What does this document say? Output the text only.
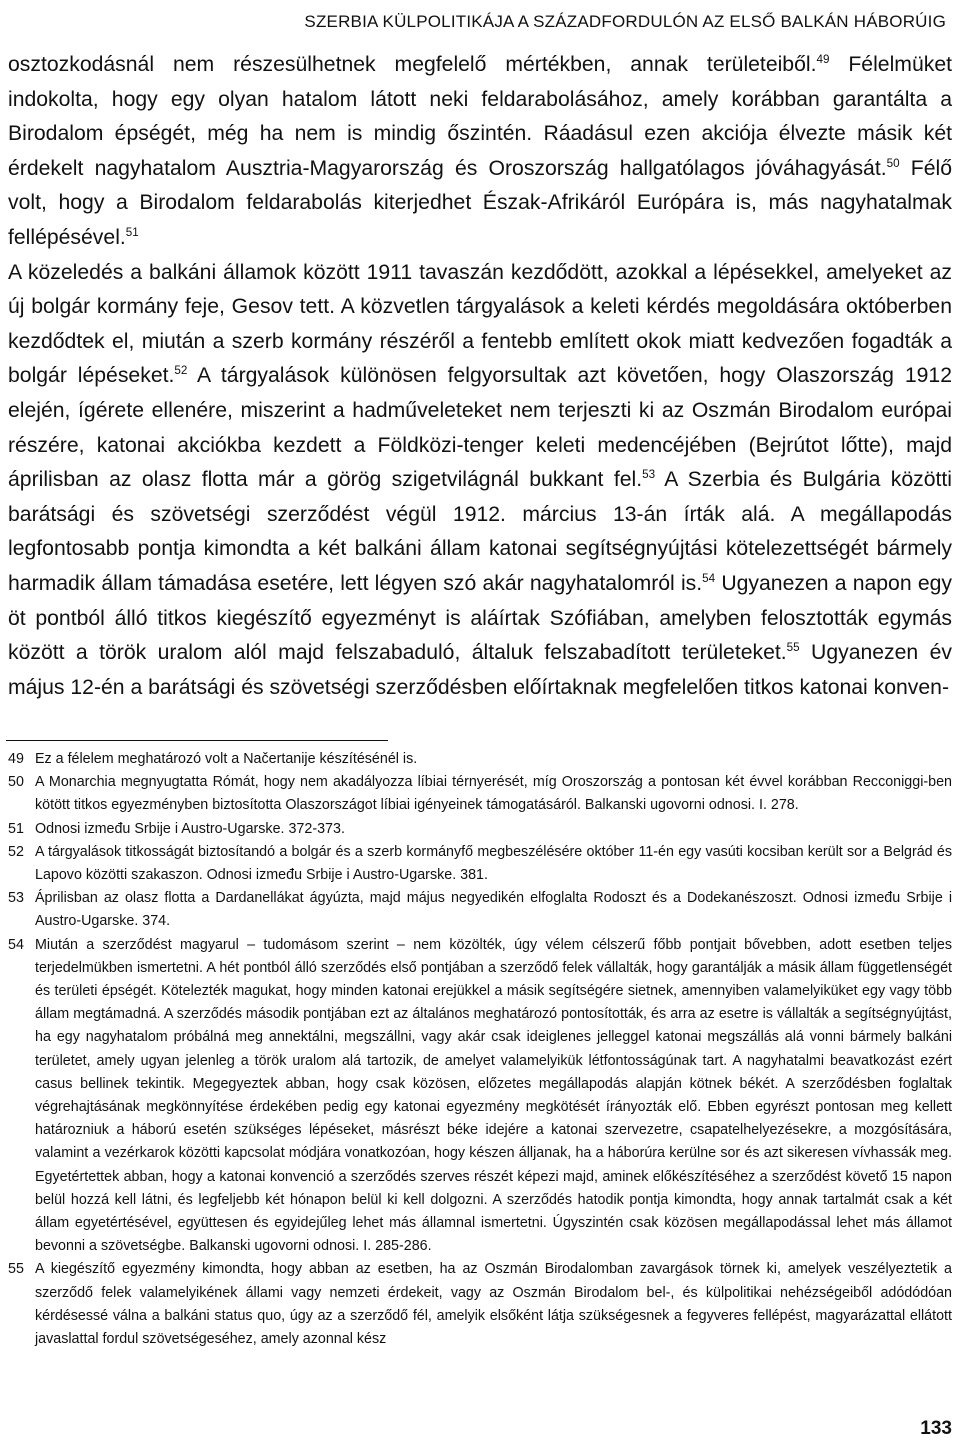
SZERBIA KÜLPOLITIKÁJA A SZÁZADFORDULÓN AZ ELSŐ BALKÁN HÁBORÚIG

osztozkodásnál nem részesülhetnek megfelelő mértékben, annak területeiből.$^{49}$ Félelmüket indokolta, hogy egy olyan hatalom látott neki feldarabolásához, amely korábban garantálta a Birodalom épségét, még ha nem is mindig őszintén. Ráadásul ezen akciója élvezte másik két érdekelt nagyhatalom Ausztria-Magyarország és Oroszország hallgatólagos jóváhagyását.$^{50}$ Félő volt, hogy a Birodalom feldarabolás kiterjedhet Észak-Afrikáról Európára is, más nagyhatalmak fellépésével.$^{51}$

A közeledés a balkáni államok között 1911 tavaszán kezdődött, azokkal a lépésekkel, amelyeket az új bolgár kormány feje, Gesov tett. A közvetlen tárgyalások a keleti kérdés megoldására októberben kezdődtek el, miután a szerb kormány részéről a fentebb említett okok miatt kedvezően fogadták a bolgár lépéseket.$^{52}$ A tárgyalások különösen felgyorsultak azt követően, hogy Olaszország 1912 elején, ígérete ellenére, miszerint a hadműveleteket nem terjeszti ki az Oszmán Birodalom európai részére, katonai akciókba kezdett a Földközi-tenger keleti medencéjében (Bejrútot lőtte), majd áprilisban az olasz flotta már a görög szigetvilágnál bukkant fel.$^{53}$ A Szerbia és Bulgária közötti barátsági és szövetségi szerződést végül 1912. március 13-án írták alá. A megállapodás legfontosabb pontja kimondta a két balkáni állam katonai segítségnyújtási kötelezettségét bármely harmadik állam támadása esetére, lett légyen szó akár nagyhatalomról is.$^{54}$ Ugyanezen a napon egy öt pontból álló titkos kiegészítő egyezményt is aláírtak Szófiában, amelyben felosztották egymás között a török uralom alól majd felszabaduló, általuk felszabadított területeket.$^{55}$ Ugyanezen év május 12-én a barátsági és szövetségi szerződésben előírtaknak megfelelően titkos katonai konven-

49 Ez a félelem meghatározó volt a Načertanije készítésénél is.

50 A Monarchia megnyugtatta Rómát, hogy nem akadályozza líbiai térnyerését, míg Oroszország a pontosan két évvel korábban Recconiggi-ben kötött titkos egyezményben biztosította Olaszországot líbiai igényeinek támogatásáról. Balkanski ugovorni odnosi. I. 278.

51 Odnosi između Srbije i Austro-Ugarske. 372-373.

52 A tárgyalások titkosságát biztosítandó a bolgár és a szerb kormányfő megbeszélésére október 11-én egy vasúti kocsiban került sor a Belgrád és Lapovo közötti szakaszon. Odnosi između Srbije i Austro-Ugarske. 381.

53 Áprilisban az olasz flotta a Dardanellákat ágyúzta, majd május negyedikén elfoglalta Rodoszt és a Dodekanészoszt. Odnosi između Srbije i Austro-Ugarske. 374.

54 Miután a szerződést magyarul – tudomásom szerint – nem közölték, úgy vélem célszerű főbb pontjait bővebben, adott esetben teljes terjedelmükben ismertetni. A hét pontból álló szerződés első pontjában a szerződő felek vállalták, hogy garantálják a másik állam függetlenségét és területi épségét. Kötelezték magukat, hogy minden katonai erejükkel a másik segítségére sietnek, amennyiben valamelyiküket egy vagy több állam megtámadná. A szerződés második pontjában ezt az általános meghatározó pontosították, és arra az esetre is vállalták a segítségnyújtást, ha egy nagyhatalom próbálná meg annektálni, megszállni, vagy akár csak ideiglenes jelleggel katonai megszállás alá vonni bármely balkáni területet, amely ugyan jelenleg a török uralom alá tartozik, de amelyet valamelyikük létfontosságúnak tart. A nagyhatalmi beavatkozást ezért casus bellinek tekintik. Megegyeztek abban, hogy csak közösen, előzetes megállapodás alapján kötnek békét. A szerződésben foglaltak végrehajtásának megkönnyítése érdekében pedig egy katonai egyezmény megkötését írányozták elő. Ebben egyrészt pontosan meg kellett határozniuk a háború esetén szükséges lépéseket, másrészt béke idejére a katonai szervezetre, csapatelhelyezésekre, a mozgósítására, valamint a vezérkarok közötti kapcsolat módjára vonatkozóan, hogy készen álljanak, ha a háborúra kerülne sor és azt sikeresen vívhassák meg. Egyetértettek abban, hogy a katonai konvenció a szerződés szerves részét képezi majd, aminek előkészítéséhez a szerződést követő 15 napon belül hozzá kell látni, és legfeljebb két hónapon belül ki kell dolgozni. A szerződés hatodik pontja kimondta, hogy annak tartalmát csak a két állam egyetértésével, együttesen és egyidejűleg lehet más államnal ismertetni. Úgyszintén csak közösen megállapodással lehet más államot bevonni a szövetségbe. Balkanski ugovorni odnosi. I. 285-286.

55 A kiegészítő egyezmény kimondta, hogy abban az esetben, ha az Oszmán Birodalomban zavargások törnek ki, amelyek veszélyeztetik a szerződő felek valamelyikének állami vagy nemzeti érdekeit, vagy az Oszmán Birodalom bel-, és külpolitikai nehézségeiből adódódóan kérdésessé válna a balkáni status quo, úgy az a szerződő fél, amelyik elsőként látja szükségesnek a fegyveres fellépést, magyarázattal ellátott javaslattal fordul szövetségeséhez, amely azonnal kész

133
